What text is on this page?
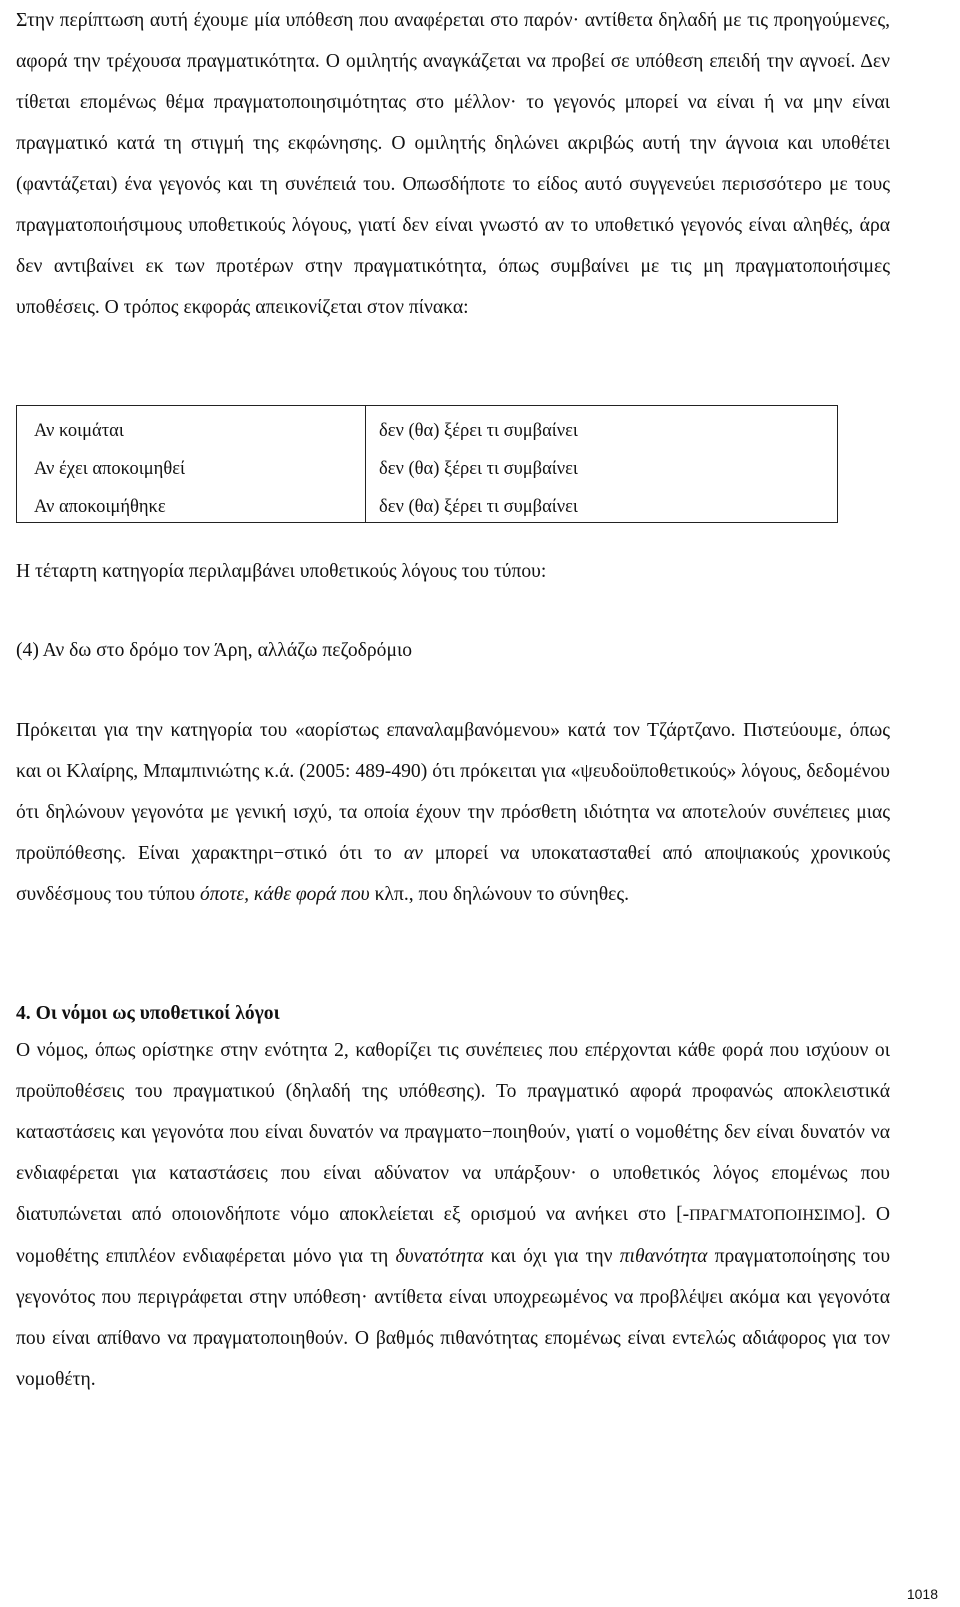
Στην περίπτωση αυτή έχουμε μία υπόθεση που αναφέρεται στο παρόν· αντίθετα δηλαδή με τις προηγούμενες, αφορά την τρέχουσα πραγματικότητα. Ο ομιλητής αναγκάζεται να προβεί σε υπόθεση επειδή την αγνοεί. Δεν τίθεται επομένως θέμα πραγματοποιησιμότητας στο μέλλον· το γεγονός μπορεί να είναι ή να μην είναι πραγματικό κατά τη στιγμή της εκφώνησης. Ο ομιλητής δηλώνει ακριβώς αυτή την άγνοια και υποθέτει (φαντάζεται) ένα γεγονός και τη συνέπειά του. Οπωσδήποτε το είδος αυτό συγγενεύει περισσότερο με τους πραγματοποιήσιμους υποθετικούς λόγους, γιατί δεν είναι γνωστό αν το υποθετικό γεγονός είναι αληθές, άρα δεν αντιβαίνει εκ των προτέρων στην πραγματικότητα, όπως συμβαίνει με τις μη πραγματοποιήσιμες υποθέσεις. Ο τρόπος εκφοράς απεικονίζεται στον πίνακα:

Αν κοιμάται	δεν (θα) ξέρει τι συμβαίνει
Αν έχει αποκοιμηθεί	δεν (θα) ξέρει τι συμβαίνει
Αν αποκοιμήθηκε	δεν (θα) ξέρει τι συμβαίνει

Η τέταρτη κατηγορία περιλαμβάνει υποθετικούς λόγους του τύπου:

(4) Αν δω στο δρόμο τον Άρη, αλλάζω πεζοδρόμιο

Πρόκειται για την κατηγορία του «αορίστως επαναλαμβανόμενου» κατά τον Τζάρτζανο. Πιστεύουμε, όπως και οι Κλαίρης, Μπαμπινιώτης κ.ά. (2005: 489-490) ότι πρόκειται για «ψευδοϋποθετικούς» λόγους, δεδομένου ότι δηλώνουν γεγονότα με γενική ισχύ, τα οποία έχουν την πρόσθετη ιδιότητα να αποτελούν συνέπειες μιας προϋπόθεσης. Είναι χαρακτηρι−στικό ότι το αν μπορεί να υποκατασταθεί από αποψιακούς χρονικούς συνδέσμους του τύπου όποτε, κάθε φορά που κλπ., που δηλώνουν το σύνηθες.

4. Οι νόμοι ως υποθετικοί λόγοι

Ο νόμος, όπως ορίστηκε στην ενότητα 2, καθορίζει τις συνέπειες που επέρχονται κάθε φορά που ισχύουν οι προϋποθέσεις του πραγματικού (δηλαδή της υπόθεσης). Το πραγματικό αφορά προφανώς αποκλειστικά καταστάσεις και γεγονότα που είναι δυνατόν να πραγματο−ποιηθούν, γιατί ο νομοθέτης δεν είναι δυνατόν να ενδιαφέρεται για καταστάσεις που είναι αδύνατον να υπάρξουν· ο υποθετικός λόγος επομένως που διατυπώνεται από οποιονδήποτε νόμο αποκλείεται εξ ορισμού να ανήκει στο [-ΠΡΑΓΜΑΤΟΠΟΙΗΣΙΜΟ]. Ο νομοθέτης επιπλέον ενδιαφέρεται μόνο για τη δυνατότητα και όχι για την πιθανότητα πραγματοποίησης του γεγονότος που περιγράφεται στην υπόθεση· αντίθετα είναι υποχρεωμένος να προβλέψει ακόμα και γεγονότα που είναι απίθανο να πραγματοποιηθούν. Ο βαθμός πιθανότητας επομένως είναι εντελώς αδιάφορος για τον νομοθέτη.

1018
